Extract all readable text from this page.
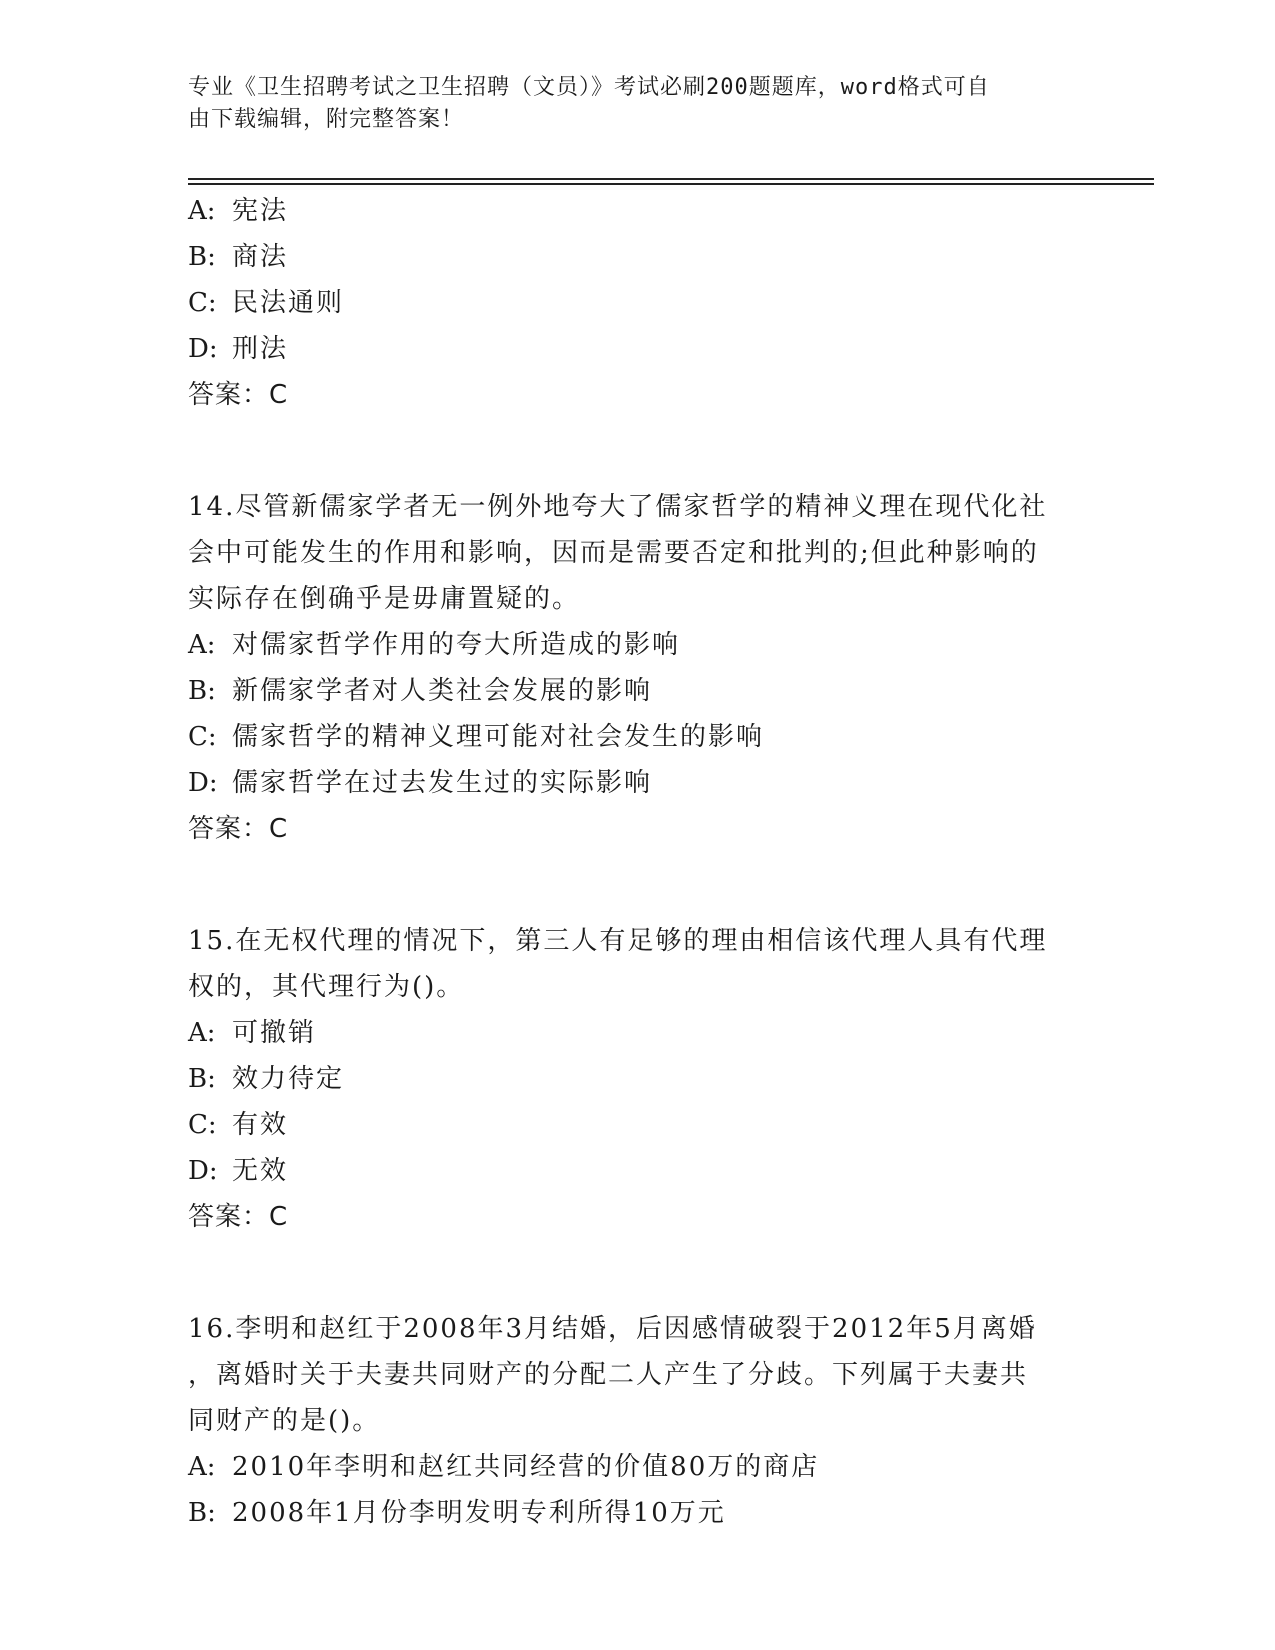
专业《卫生招聘考试之卫生招聘（文员）》考试必刷200题题库，word格式可自
由下载编辑，附完整答案！
A: 宪法
B: 商法
C: 民法通则
D: 刑法
答案：C
14.尽管新儒家学者无一例外地夸大了儒家哲学的精神义理在现代化社
会中可能发生的作用和影响，因而是需要否定和批判的;但此种影响的
实际存在倒确乎是毋庸置疑的。
A: 对儒家哲学作用的夸大所造成的影响
B: 新儒家学者对人类社会发展的影响
C: 儒家哲学的精神义理可能对社会发生的影响
D: 儒家哲学在过去发生过的实际影响
答案：C
15.在无权代理的情况下，第三人有足够的理由相信该代理人具有代理
权的，其代理行为()。
A: 可撤销
B: 效力待定
C: 有效
D: 无效
答案：C
16.李明和赵红于2008年3月结婚，后因感情破裂于2012年5月离婚
，离婚时关于夫妻共同财产的分配二人产生了分歧。下列属于夫妻共
同财产的是()。
A: 2010年李明和赵红共同经营的价值80万的商店
B: 2008年1月份李明发明专利所得10万元
